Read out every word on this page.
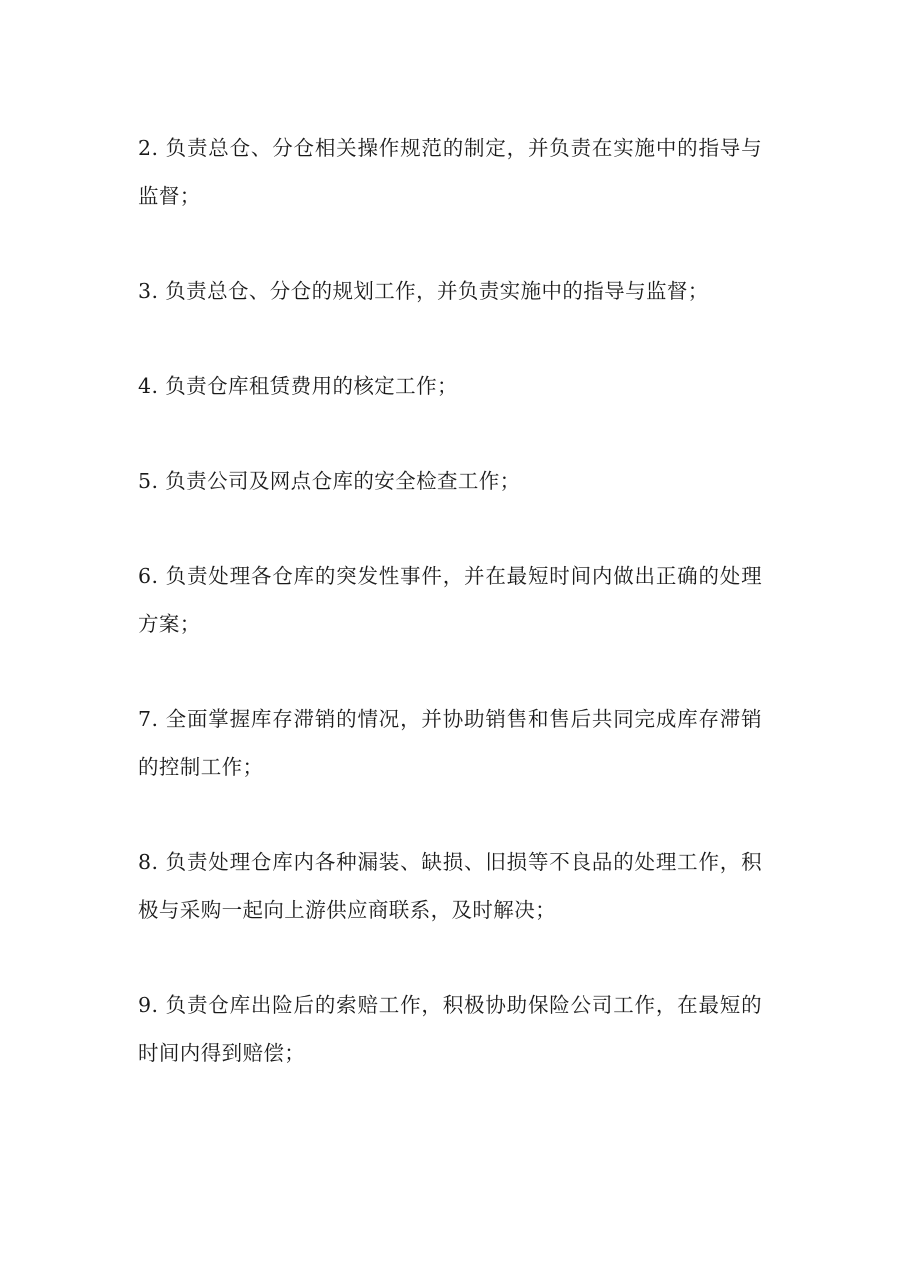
2. 负责总仓、分仓相关操作规范的制定，并负责在实施中的指导与监督；

3. 负责总仓、分仓的规划工作，并负责实施中的指导与监督；

4. 负责仓库租赁费用的核定工作；

5. 负责公司及网点仓库的安全检查工作；

6. 负责处理各仓库的突发性事件，并在最短时间内做出正确的处理方案；

7. 全面掌握库存滞销的情况，并协助销售和售后共同完成库存滞销的控制工作；

8. 负责处理仓库内各种漏装、缺损、旧损等不良品的处理工作，积极与采购一起向上游供应商联系，及时解决；

9. 负责仓库出险后的索赔工作，积极协助保险公司工作，在最短的时间内得到赔偿；
